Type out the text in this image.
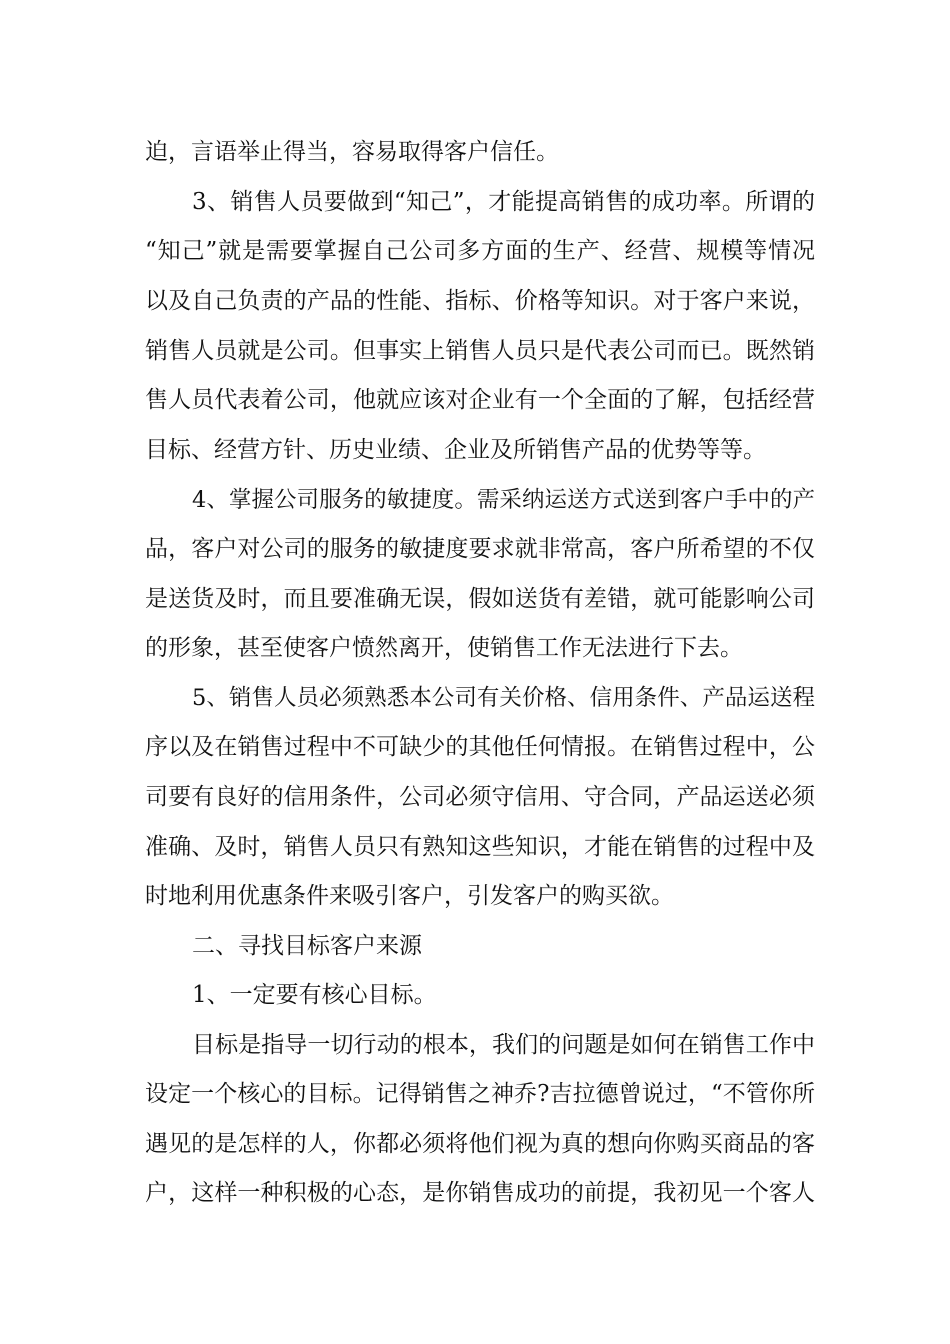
迫，言语举止得当，容易取得客户信任。
3、销售人员要做到“知己”，才能提高销售的成功率。所谓的
“知己”就是需要掌握自己公司多方面的生产、经营、规模等情况
以及自己负责的产品的性能、指标、价格等知识。对于客户来说，
销售人员就是公司。但事实上销售人员只是代表公司而已。既然销
售人员代表着公司，他就应该对企业有一个全面的了解，包括经营
目标、经营方针、历史业绩、企业及所销售产品的优势等等。
4、掌握公司服务的敏捷度。需采纳运送方式送到客户手中的产
品，客户对公司的服务的敏捷度要求就非常高，客户所希望的不仅
是送货及时，而且要准确无误，假如送货有差错，就可能影响公司
的形象，甚至使客户愤然离开，使销售工作无法进行下去。
5、销售人员必须熟悉本公司有关价格、信用条件、产品运送程
序以及在销售过程中不可缺少的其他任何情报。在销售过程中，公
司要有良好的信用条件，公司必须守信用、守合同，产品运送必须
准确、及时，销售人员只有熟知这些知识，才能在销售的过程中及
时地利用优惠条件来吸引客户，引发客户的购买欲。
二、寻找目标客户来源
1、一定要有核心目标。
目标是指导一切行动的根本，我们的问题是如何在销售工作中
设定一个核心的目标。记得销售之神乔?吉拉德曾说过，“不管你所
遇见的是怎样的人，你都必须将他们视为真的想向你购买商品的客
户，这样一种积极的心态，是你销售成功的前提，我初见一个客人
